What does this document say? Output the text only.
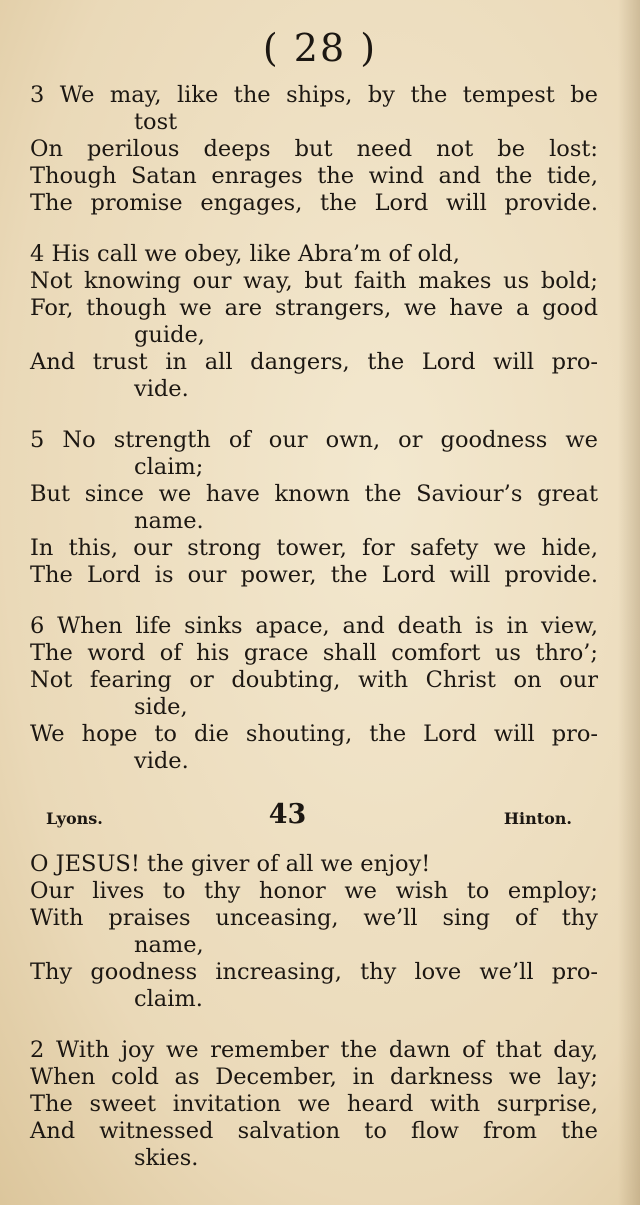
( 28 )
3 We may, like the ships, by the tempest be
tost
On perilous deeps but need not be lost:
Though Satan enrages the wind and the tide,
The promise engages, the Lord will provide.
4 His call we obey, like Abra’m of old,
Not knowing our way, but faith makes us bold;
For, though we are strangers, we have a good
guide,
And trust in all dangers, the Lord will pro-
vide.
5 No strength of our own, or goodness we
claim;
But since we have known the Saviour’s great
name.
In this, our strong tower, for safety we hide,
The Lord is our power, the Lord will provide.
6 When life sinks apace, and death is in view,
The word of his grace shall comfort us thro’;
Not fearing or doubting, with Christ on our
side,
We hope to die shouting, the Lord will pro-
vide.
Lyons.	43	Hinton.
O JESUS! the giver of all we enjoy!
Our lives to thy honor we wish to employ;
With praises unceasing, we’ll sing of thy
name,
Thy goodness increasing, thy love we’ll pro-
claim.
2 With joy we remember the dawn of that day,
When cold as December, in darkness we lay;
The sweet invitation we heard with surprise,
And witnessed salvation to flow from the
skies.
